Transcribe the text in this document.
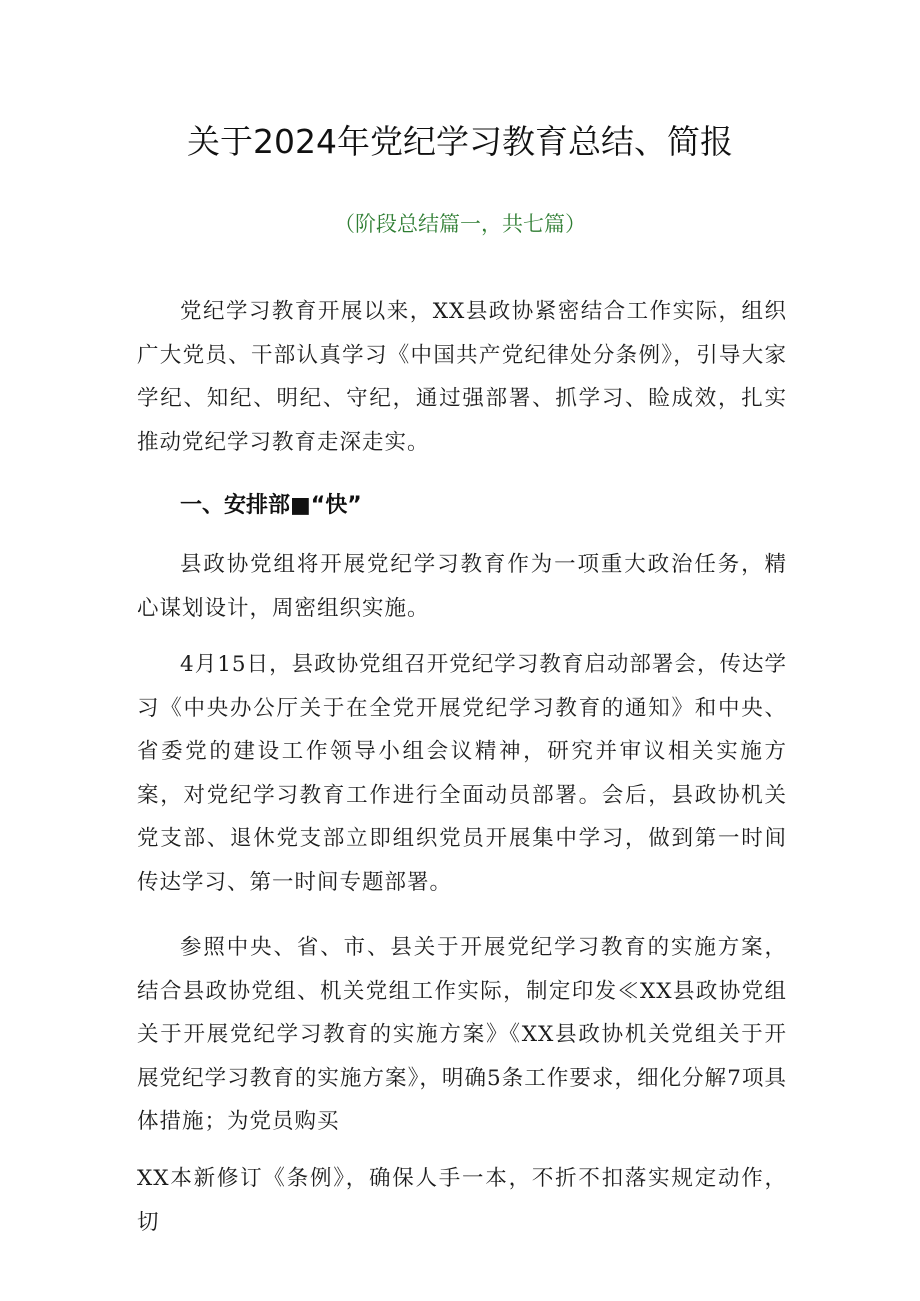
关于2024年党纪学习教育总结、简报

（阶段总结篇一，共七篇）

党纪学习教育开展以来，XX县政协紧密结合工作实际，组织广大党员、干部认真学习《中国共产党纪律处分条例》，引导大家学纪、知纪、明纪、守纪，通过强部署、抓学习、睑成效，扎实推动党纪学习教育走深走实。

一、安排部■“快”

县政协党组将开展党纪学习教育作为一项重大政治任务，精心谋划设计，周密组织实施。

4月15日，县政协党组召开党纪学习教育启动部署会，传达学习《中央办公厅关于在全党开展党纪学习教育的通知》和中央、省委党的建设工作领导小组会议精神，研究并审议相关实施方案，对党纪学习教育工作进行全面动员部署。会后，县政协机关党支部、退休党支部立即组织党员开展集中学习，做到第一时间传达学习、第一时间专题部署。

参照中央、省、市、县关于开展党纪学习教育的实施方案，结合县政协党组、机关党组工作实际，制定印发≪XX县政协党组关于开展党纪学习教育的实施方案》《XX县政协机关党组关于开展党纪学习教育的实施方案》，明确5条工作要求，细化分解7项具体措施；为党员购买

XX本新修订《条例》，确保人手一本，不折不扣落实规定动作，切
